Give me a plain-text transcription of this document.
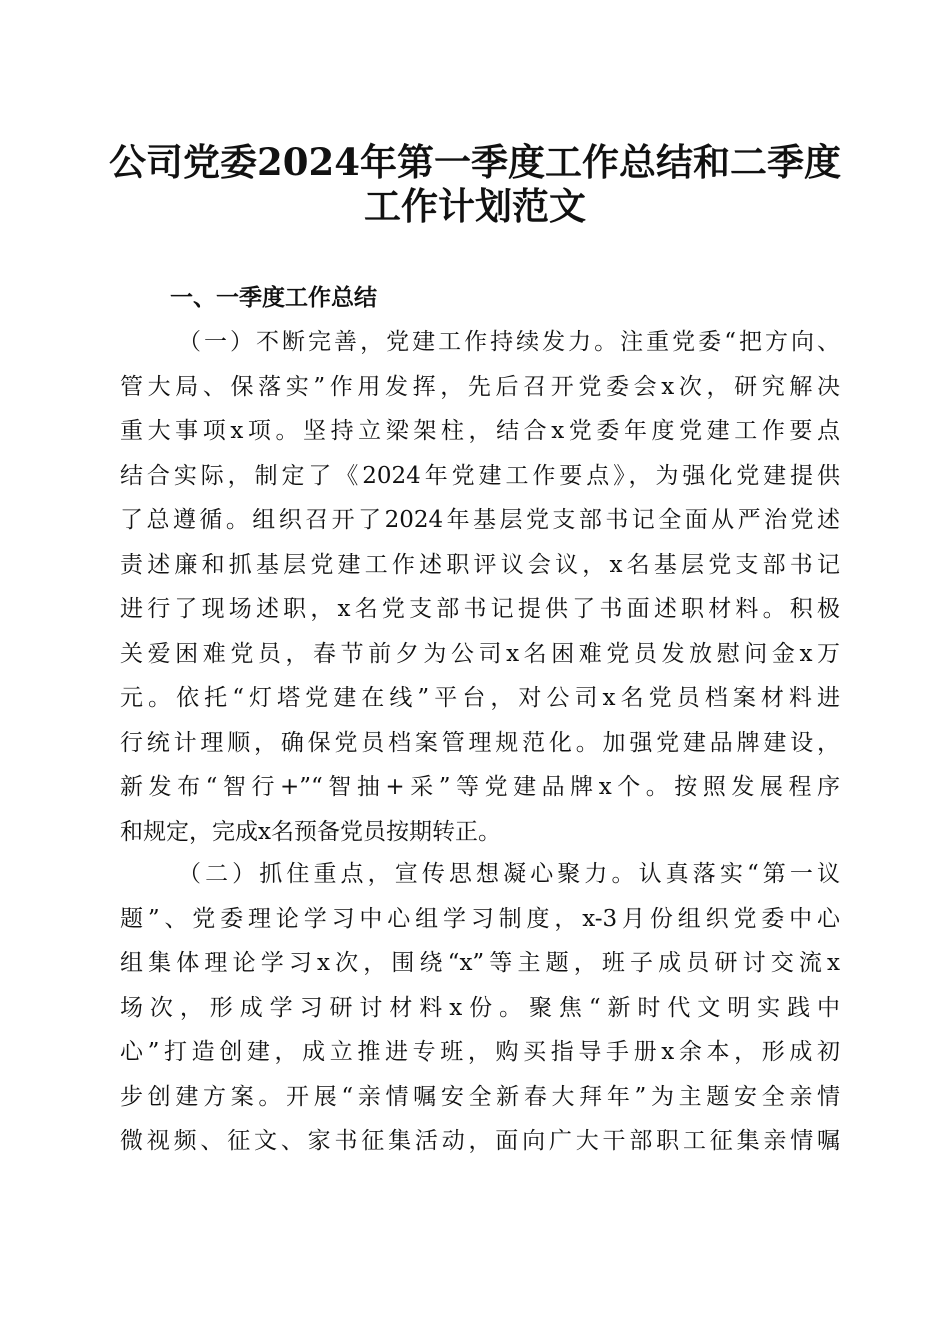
公司党委2024年第一季度工作总结和二季度
工作计划范文
一、一季度工作总结
（一）不断完善，党建工作持续发力。注重党委“把方向、
管大局、保落实”作用发挥，先后召开党委会x次，研究解决
重大事项x项。坚持立梁架柱，结合x党委年度党建工作要点
结合实际，制定了《2024年党建工作要点》，为强化党建提供
了总遵循。组织召开了2024年基层党支部书记全面从严治党述
责述廉和抓基层党建工作述职评议会议，x名基层党支部书记
进行了现场述职，x名党支部书记提供了书面述职材料。积极
关爱困难党员，春节前夕为公司x名困难党员发放慰问金x万
元。依托“灯塔党建在线”平台，对公司x名党员档案材料进
行统计理顺，确保党员档案管理规范化。加强党建品牌建设，
新发布“智行+”“智抽+采”等党建品牌x个。按照发展程序
和规定，完成x名预备党员按期转正。
（二）抓住重点，宣传思想凝心聚力。认真落实“第一议
题”、党委理论学习中心组学习制度，x-3月份组织党委中心
组集体理论学习x次，围绕“x”等主题，班子成员研讨交流x
场次，形成学习研讨材料x份。聚焦“新时代文明实践中
心”打造创建，成立推进专班，购买指导手册x余本，形成初
步创建方案。开展“亲情嘱安全新春大拜年”为主题安全亲情
微视频、征文、家书征集活动，面向广大干部职工征集亲情嘱
